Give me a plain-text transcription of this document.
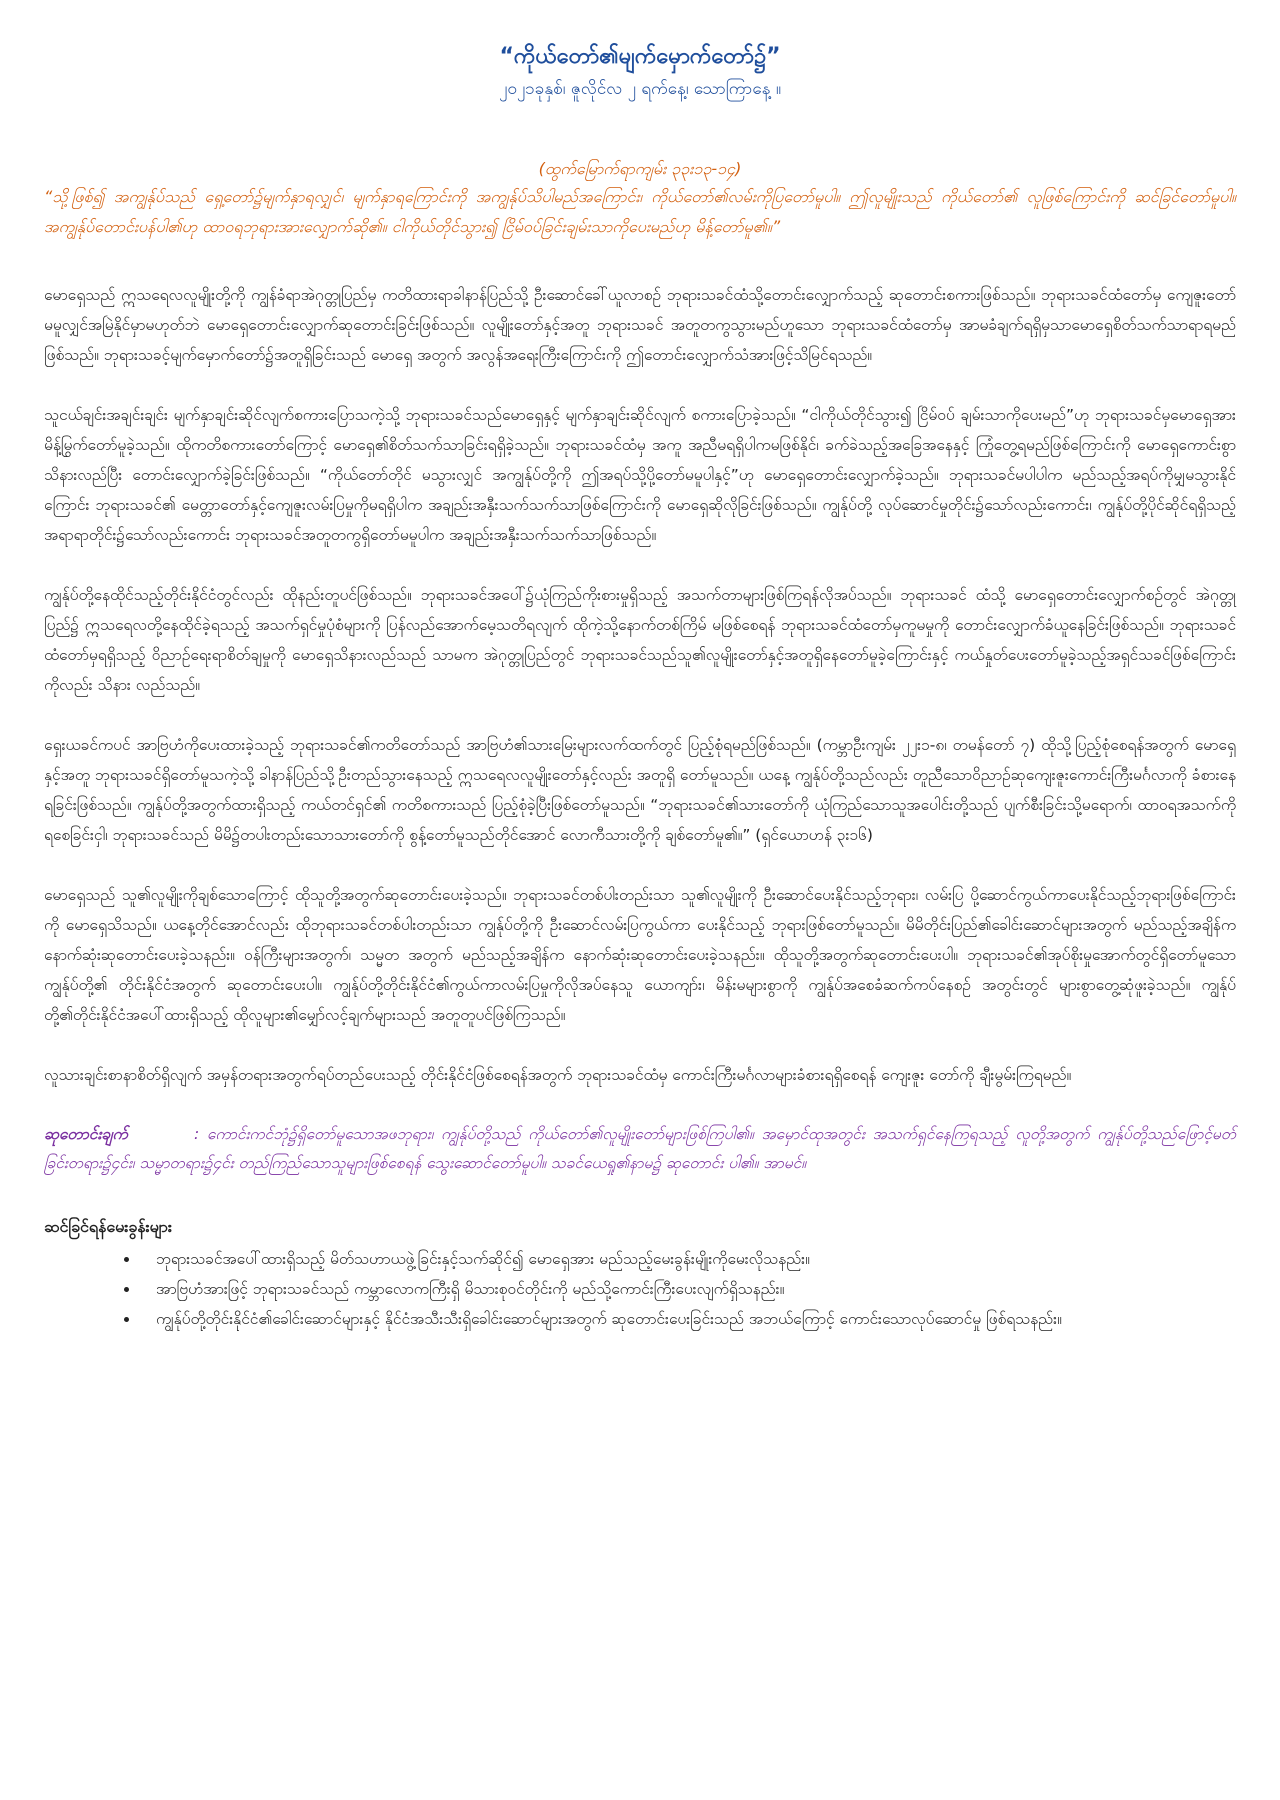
“ကိုယ်တော်၏မျက်မှောက်တော်၌”

၂၀၂၁ခုနှစ်၊ ဇူလိုင်လ ၂ ရက်နေ့၊ သောကြာနေ့ ။

(ထွက်မြောက်ရာကျမ်း ၃၃း၁၃-၁၄)

“သို့ဖြစ်၍ အကျွန်ုပ်သည် ရှေ့တော်၌မျက်နှာရလျှင်၊ မျက်နှာရကြောင်းကို အကျွန်ုပ်သိပါမည်အကြောင်း၊ ကိုယ်တော်၏လမ်းကိုပြတော်မူပါ။ ဤလူမျိုးသည် ကိုယ်တော်၏ လူဖြစ်ကြောင်းကို ဆင်ခြင်တော်မူပါ။ အကျွန်ုပ်တောင်းပန်ပါ၏ဟု ထာဝရဘုရားအားလျှောက်ဆို၏။ ငါကိုယ်တိုင်သွား၍ ငြိမ်ဝပ်ခြင်းချမ်းသာကိုပေးမည်ဟု မိန့်တော်မူ၏။”

မောရှေသည် ဣသရေလလူမျိုးတို့ကို ကျွန်ခံရာအဲဂုတ္တုပြည်မှ ကတိထားရာခါနာန်ပြည်သို့ ဦးဆောင်ခေါ်ယူလာစဉ် ဘုရားသခင်ထံသို့တောင်းလျှောက်သည့် ဆုတောင်းစကားဖြစ်သည်။ ဘုရားသခင်ထံတော်မှ ကျေဇူးတော်မမူလျှင်အမြဲနိုင်မှာမဟုတ်ဘဲ မောရှေတောင်းလျှောက်ဆုတောင်းခြင်းဖြစ်သည်။ လူမျိုးတော်နှင့်အတူ ဘုရားသခင် အတူတကွသွားမည်ဟူသော ဘုရားသခင်ထံတော်မှ အာမခံချက်ရရှိမှသာမောရှေစိတ်သက်သာရာရမည်ဖြစ်သည်။ ဘုရားသခင့်မျက်မှောက်တော်၌အတူရှိခြင်းသည် မောရှေ အတွက် အလွန်အရေးကြီးကြောင်းကို ဤတောင်းလျှောက်သံအားဖြင့်သိမြင်ရသည်။

သူငယ်ချင်းအချင်းချင်း မျက်နှာချင်းဆိုင်လျက်စကားပြောသကဲ့သို့ ဘုရားသခင်သည်မောရှေနှင့် မျက်နှာချင်းဆိုင်လျက် စကားပြောခဲ့သည်။ “ငါကိုယ်တိုင်သွား၍ ငြိမ်ဝပ် ချမ်းသာကိုပေးမည်”ဟု ဘုရားသခင်မှမောရှေအားမိန့်မြွက်တော်မူခဲ့သည်။ ထိုကတိစကားတော်ကြောင့် မောရှေ၏စိတ်သက်သာခြင်းရရှိခဲ့သည်။ ဘုရားသခင်ထံမှ အကူ အညီမရရှိပါကမဖြစ်နိုင်၊ ခက်ခဲသည့်အခြေအနေနှင့် ကြုံတွေ့ရမည်ဖြစ်ကြောင်းကို မောရှေကောင်းစွာသိနားလည်ပြီး တောင်းလျှောက်ခဲ့ခြင်းဖြစ်သည်။ “ကိုယ်တော်တိုင် မသွားလျှင် အကျွန်ုပ်တို့ကို ဤအရပ်သို့ပို့တော်မမူပါနှင့်”ဟု မောရှေတောင်းလျှောက်ခဲ့သည်။ ဘုရားသခင်မပါပါက မည်သည့်အရပ်ကိုမျှမသွားနိုင်ကြောင်း ဘုရားသခင်၏ မေတ္တာတော်နှင့်ကျေဇူးလမ်းပြမှုကိုမရရှိပါက အချည်းအနှီးသက်သက်သာဖြစ်ကြောင်းကို မောရှေဆိုလိုခြင်းဖြစ်သည်။ ကျွန်ုပ်တို့ လုပ်ဆောင်မှုတိုင်း၌သော်လည်းကောင်း၊ ကျွန်ုပ်တို့ပိုင်ဆိုင်ရရှိသည့်အရာရာတိုင်း၌သော်လည်းကောင်း ဘုရားသခင်အတူတကွရှိတော်မမူပါက အချည်းအနှီးသက်သက်သာဖြစ်သည်။

ကျွန်ုပ်တို့နေထိုင်သည့်တိုင်းနိုင်ငံတွင်လည်း ထိုနည်းတူပင်ဖြစ်သည်။ ဘုရားသခင်အပေါ်၌ယုံကြည်ကိုးစားမှုရှိသည့် အသက်တာများဖြစ်ကြရန်လိုအပ်သည်။ ဘုရားသခင် ထံသို့ မောရှေတောင်းလျှောက်စဉ်တွင် အဲဂုတ္တုပြည်၌ ဣသရေလတို့နေထိုင်ခဲ့ရသည့် အသက်ရှင်မှုပုံစံများကို ပြန်လည်အောက်မေ့သတိရလျက် ထိုကဲ့သို့နောက်တစ်ကြိမ် မဖြစ်စေရန် ဘုရားသခင်ထံတော်မှကူမမှုကို တောင်းလျှောက်ခံယူနေခြင်းဖြစ်သည်။ ဘုရားသခင်ထံတော်မှရရှိသည့် ဝိညာဉ်ရေးရာစိတ်ချမှုကို မောရှေသိနားလည်သည် သာမက အဲဂုတ္တုပြည်တွင် ဘုရားသခင်သည်သူ၏လူမျိုးတော်နှင့်အတူရှိနေတော်မူခဲ့ကြောင်းနှင့် ကယ်နှုတ်ပေးတော်မူခဲ့သည့်အရှင်သခင်ဖြစ်ကြောင်းကိုလည်း သိနား လည်သည်။

ရှေးယခင်ကပင် အာဗြဟံကိုပေးထားခဲ့သည့် ဘုရားသခင်၏ကတိတော်သည် အာဗြဟံ၏သားမြေးများလက်ထက်တွင် ပြည့်စုံရမည်ဖြစ်သည်။ (ကမ္ဘာဦးကျမ်း ၂၂း၁-၈၊ တမန်တော် ၇) ထိုသို့ပြည့်စုံစေရန်အတွက် မောရှေနှင့်အတူ ဘုရားသခင်ရှိတော်မူသကဲ့သို့ ခါနာန်ပြည်သို့ဦးတည်သွားနေသည့် ဣသရေလလူမျိုးတော်နှင့်လည်း အတူရှိ တော်မူသည်။ ယနေ့ ကျွန်ုပ်တို့သည်လည်း တူညီသောဝိညာဉ်ဆုကျေးဇူးကောင်းကြီးမင်္ဂလာကို ခံစားနေရခြင်းဖြစ်သည်။ ကျွန်ုပ်တို့အတွက်ထားရှိသည့် ကယ်တင်ရှင်၏ ကတိစကားသည် ပြည့်စုံခဲ့ပြီးဖြစ်တော်မူသည်။ “ဘုရားသခင်၏သားတော်ကို ယုံကြည်သောသူအပေါင်းတို့သည် ပျက်စီးခြင်းသို့မရောက်၊ ထာဝရအသက်ကို ရစေခြင်းငှါ၊ ဘုရားသခင်သည် မိမိ၌တပါးတည်းသောသားတော်ကို စွန့်တော်မူသည်တိုင်အောင် လောကီသားတို့ကို ချစ်တော်မူ၏။” (ရှင်ယောဟန် ၃း၁၆)

မောရှေသည် သူ၏လူမျိုးကိုချစ်သောကြောင့် ထိုသူတို့အတွက်ဆုတောင်းပေးခဲ့သည်။ ဘုရားသခင်တစ်ပါးတည်းသာ သူ၏လူမျိုးကို ဦးဆောင်ပေးနိုင်သည့်ဘုရား၊ လမ်းပြ ပို့ဆောင်ကွယ်ကာပေးနိုင်သည့်ဘုရားဖြစ်ကြောင်းကို မောရှေသိသည်။ ယနေ့တိုင်အောင်လည်း ထိုဘုရားသခင်တစ်ပါးတည်းသာ ကျွန်ုပ်တို့ကို ဦးဆောင်လမ်းပြကွယ်ကာ ပေးနိုင်သည့် ဘုရားဖြစ်တော်မူသည်။ မိမိတိုင်းပြည်၏ခေါင်းဆောင်များအတွက် မည်သည့်အချိန်က နောက်ဆုံးဆုတောင်းပေးခဲ့သနည်း။ ဝန်ကြီးများအတွက်၊ သမ္မတ အတွက် မည်သည့်အချိန်က နောက်ဆုံးဆုတောင်းပေးခဲ့သနည်း။ ထိုသူတို့အတွက်ဆုတောင်းပေးပါ။ ဘုရားသခင်၏အုပ်စိုးမှုအောက်တွင်ရှိတော်မူသော ကျွန်ုပ်တို့၏ တိုင်းနိုင်ငံအတွက် ဆုတောင်းပေးပါ။ ကျွန်ုပ်တို့တိုင်းနိုင်ငံ၏ကွယ်ကာလမ်းပြမှုကိုလိုအပ်နေသူ ယောကျာ်း၊ မိန်းမများစွာကို ကျွန်ုပ်အစေခံဆက်ကပ်နေစဉ် အတွင်းတွင် များစွာတွေ့ဆုံဖူးခဲ့သည်။ ကျွန်ုပ်တို့၏တိုင်းနိုင်ငံအပေါ်ထားရှိသည့် ထိုလူများ၏မျှော်လင့်ချက်များသည် အတူတူပင်ဖြစ်ကြသည်။

လူသားချင်းစာနာစိတ်ရှိလျက် အမှန်တရားအတွက်ရပ်တည်ပေးသည့် တိုင်းနိုင်ငံဖြစ်စေရန်အတွက် ဘုရားသခင်ထံမှ ကောင်းကြီးမင်္ဂလာများခံစားရရှိစေရန် ကျေးဇူး တော်ကို ချီးမွမ်းကြရမည်။

ဆုတောင်းချက်	: ကောင်းကင်ဘုံ၌ရှိတော်မူသောအဖဘုရား၊ ကျွန်ုပ်တို့သည် ကိုယ်တော်၏လူမျိုးတော်များဖြစ်ကြပါ၏။ အမှောင်ထုအတွင်း အသက်ရှင်နေကြရသည့် လူတို့အတွက် ကျွန်ုပ်တို့သည်ဖြောင့်မတ်ခြင်းတရား၌၄င်း၊ သမ္မာတရား၌၄င်း တည်ကြည်သောသူများဖြစ်စေရန် သွေးဆောင်တော်မူပါ။ သခင်ယေရှု၏နာမ၌ ဆုတောင်း ပါ၏။ အာမင်။

ဆင်ခြင်ရန်မေးခွန်းများ
• ဘုရားသခင်အပေါ်ထားရှိသည့် မိတ်သဟာယဖွဲ့ခြင်းနှင့်သက်ဆိုင်၍ မောရှေအား မည်သည့်မေးခွန်းမျိုးကိုမေးလိုသနည်း။
• အာဗြဟံအားဖြင့် ဘုရားသခင်သည် ကမ္ဘာလောကကြီးရှိ မိသားစုဝင်တိုင်းကို မည်သို့ကောင်းကြီးပေးလျက်ရှိသနည်း။
• ကျွန်ုပ်တို့တိုင်းနိုင်ငံ၏ခေါင်းဆောင်များနှင့် နိုင်ငံအသီးသီးရှိခေါင်းဆောင်များအတွက် ဆုတောင်းပေးခြင်းသည် အဘယ်ကြောင့် ကောင်းသောလုပ်ဆောင်မှု ဖြစ်ရသနည်း။
